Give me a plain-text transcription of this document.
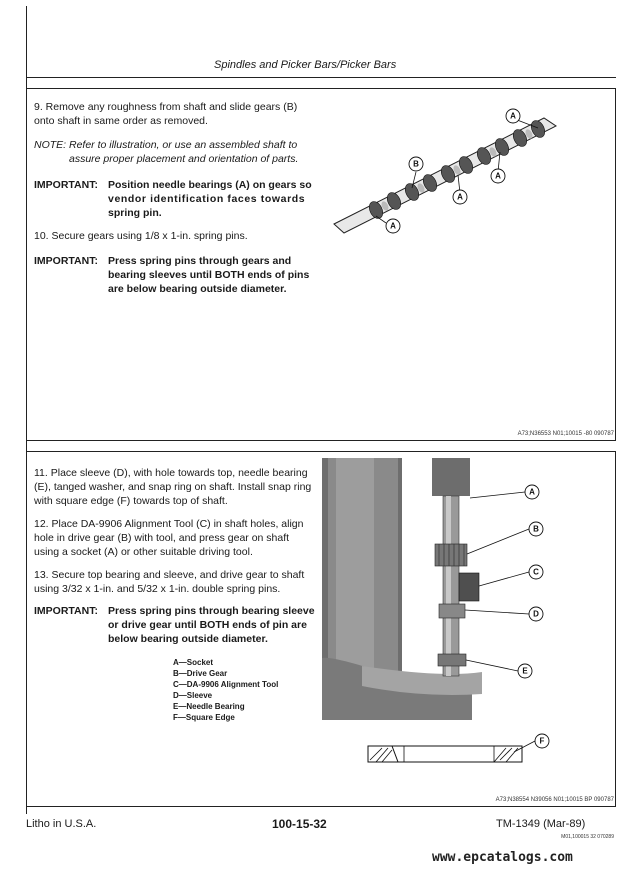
Spindles and Picker Bars/Picker Bars
9. Remove any roughness from shaft and slide gears (B) onto shaft in same order as removed.
NOTE: Refer to illustration, or use an assembled shaft to
assure proper placement and orientation of parts.
IMPORTANT: Position needle bearings (A) on gears so
vendor identification faces towards
spring pin.
10. Secure gears using 1/8 x 1-in. spring pins.
IMPORTANT: Press spring pins through gears and
bearing sleeves until BOTH ends of pins
are below bearing outside diameter.
A
B
A
A
A
A73;N36553 N01;10015 -80 090787
11. Place sleeve (D), with hole towards top, needle bearing (E), tanged washer, and snap ring on shaft. Install snap ring with square edge (F) towards top of shaft.
12. Place DA-9906 Alignment Tool (C) in shaft holes, align hole in drive gear (B) with tool, and press gear on shaft using a socket (A) or other suitable driving tool.
13. Secure top bearing and sleeve, and drive gear to shaft using 3/32 x 1-in. and 5/32 x 1-in. double spring pins.
IMPORTANT: Press spring pins through bearing sleeve
or drive gear until BOTH ends of pin are
below bearing outside diameter.
A—Socket
B—Drive Gear
C—DA-9906 Alignment Tool
D—Sleeve
E—Needle Bearing
F—Square Edge
A
B
C
D
E
F
A73;N38554 N39056 N01;10015 BP 090787
Litho in U.S.A.	100-15-32	TM-1349 (Mar-89)
M01,100015 32 070289
www.epcatalogs.com
